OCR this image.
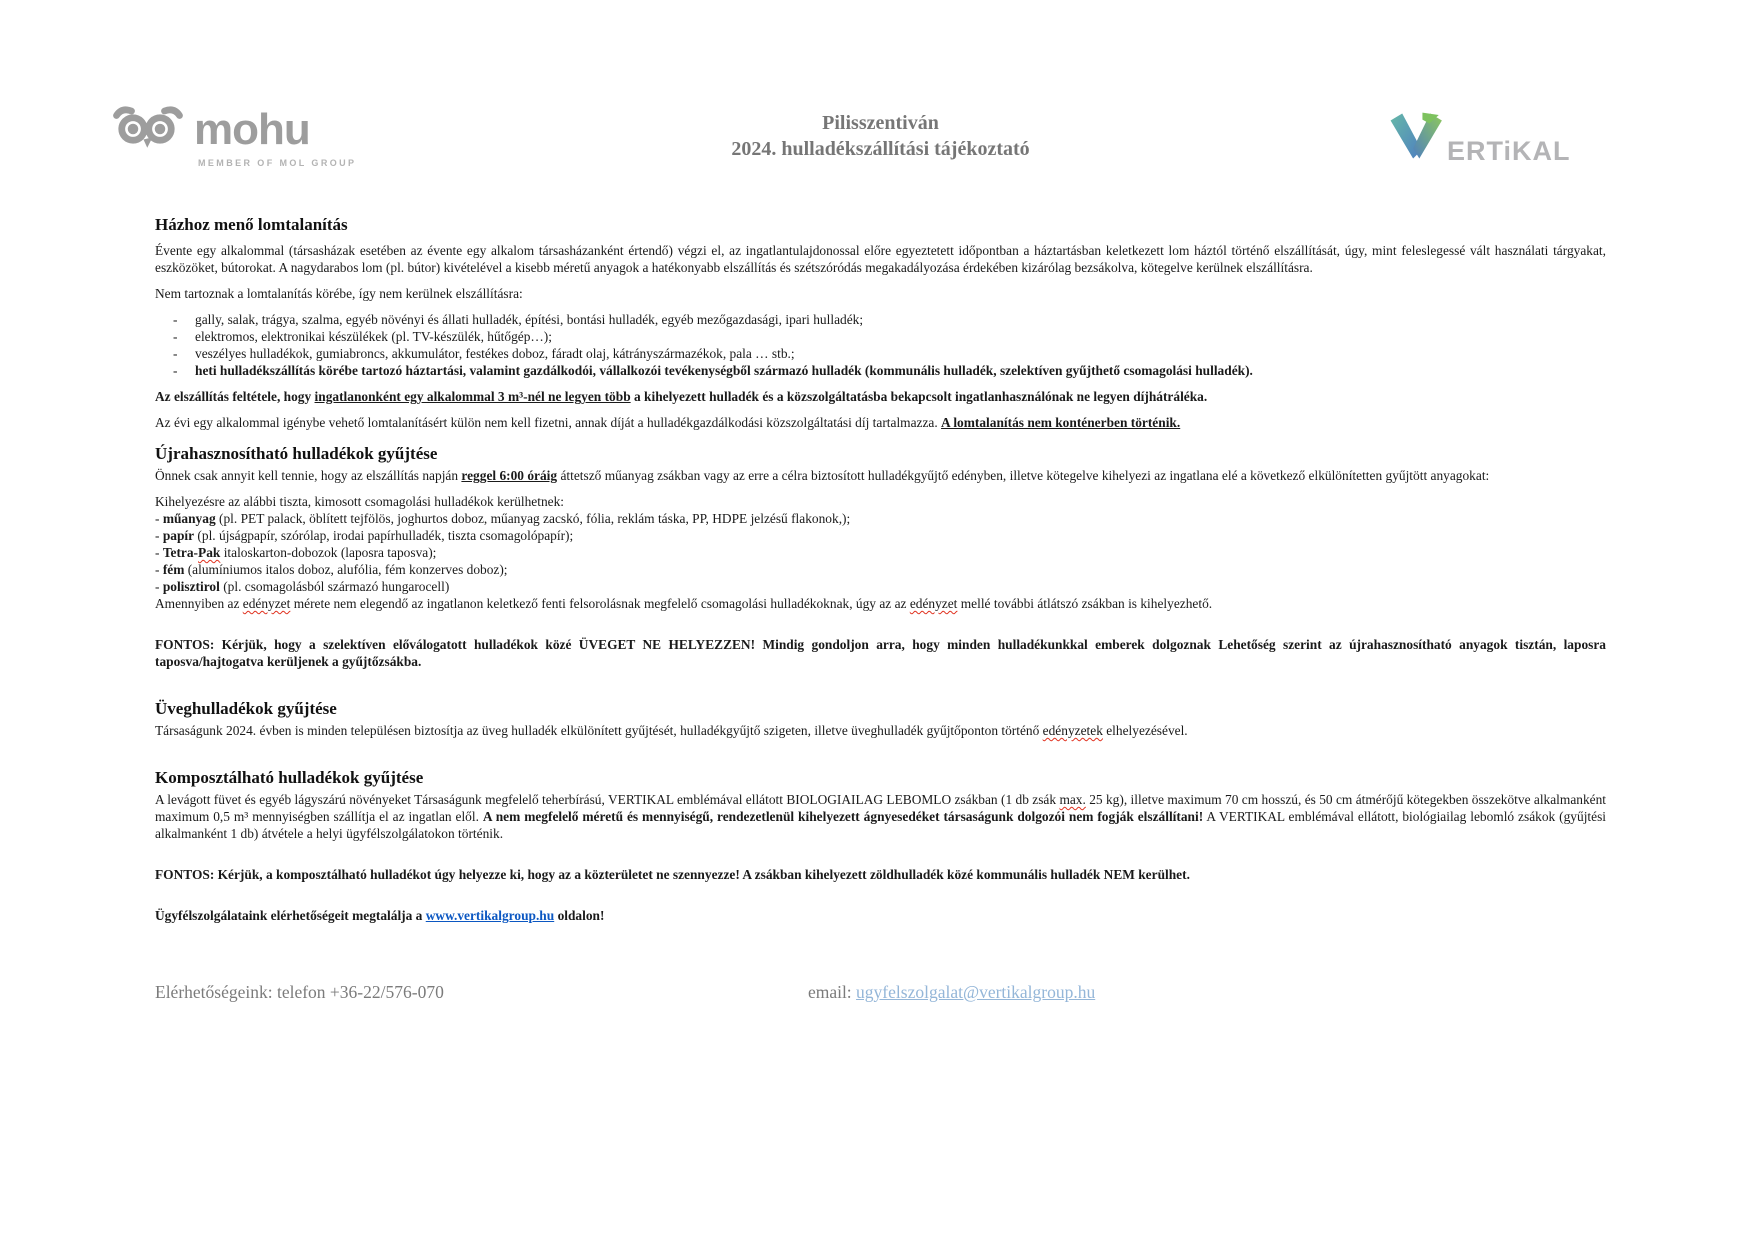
mohu
MEMBER OF MOL GROUP
Pilisszentiván
2024. hulladékszállítási tájékoztató	ERTiKAL
Házhoz menő lomtalanítás

Évente egy alkalommal (társasházak esetében az évente egy alkalom társasházanként értendő) végzi el, az ingatlantulajdonossal előre egyeztetett időpontban a háztartásban keletkezett lom háztól történő elszállítását, úgy, mint feleslegessé vált használati tárgyakat, eszközöket, bútorokat. A nagydarabos lom (pl. bútor) kivételével a kisebb méretű anyagok a hatékonyabb elszállítás és szétszóródás megakadályozása érdekében kizárólag bezsákolva, kötegelve kerülnek elszállításra.

Nem tartoznak a lomtalanítás körébe, így nem kerülnek elszállításra:

-	gally, salak, trágya, szalma, egyéb növényi és állati hulladék, építési, bontási hulladék, egyéb mezőgazdasági, ipari hulladék;
-	elektromos, elektronikai készülékek (pl. TV-készülék, hűtőgép…);
-	veszélyes hulladékok, gumiabroncs, akkumulátor, festékes doboz, fáradt olaj, kátrányszármazékok, pala … stb.;
-	heti hulladékszállítás körébe tartozó háztartási, valamint gazdálkodói, vállalkozói tevékenységből származó hulladék (kommunális hulladék, szelektíven gyűjthető csomagolási hulladék).

Az elszállítás feltétele, hogy ingatlanonként egy alkalommal 3 m³-nél ne legyen több a kihelyezett hulladék és a közszolgáltatásba bekapcsolt ingatlanhasználónak ne legyen díjhátráléka.

Az évi egy alkalommal igénybe vehető lomtalanításért külön nem kell fizetni, annak díját a hulladékgazdálkodási közszolgáltatási díj tartalmazza. A lomtalanítás nem konténerben történik.

Újrahasznosítható hulladékok gyűjtése

Önnek csak annyit kell tennie, hogy az elszállítás napján reggel 6:00 óráig áttetsző műanyag zsákban vagy az erre a célra biztosított hulladékgyűjtő edényben, illetve kötegelve kihelyezi az ingatlana elé a következő elkülönítetten gyűjtött anyagokat:

Kihelyezésre az alábbi tiszta, kimosott csomagolási hulladékok kerülhetnek:
- műanyag (pl. PET palack, öblített tejfölös, joghurtos doboz, műanyag zacskó, fólia, reklám táska, PP, HDPE jelzésű flakonok,);
- papír (pl. újságpapír, szórólap, irodai papírhulladék, tiszta csomagolópapír);
- Tetra-Pak italoskarton-dobozok (laposra taposva);
- fém (alumíniumos italos doboz, alufólia, fém konzerves doboz);
- polisztirol (pl. csomagolásból származó hungarocell)
Amennyiben az edényzet mérete nem elegendő az ingatlanon keletkező fenti felsorolásnak megfelelő csomagolási hulladékoknak, úgy az az edényzet mellé további átlátszó zsákban is kihelyezhető.

FONTOS: Kérjük, hogy a szelektíven előválogatott hulladékok közé ÜVEGET NE HELYEZZEN! Mindig gondoljon arra, hogy minden hulladékunkkal emberek dolgoznak Lehetőség szerint az újrahasznosítható anyagok tisztán, laposra taposva/hajtogatva kerüljenek a gyűjtőzsákba.

Üveghulladékok gyűjtése

Társaságunk 2024. évben is minden településen biztosítja az üveg hulladék elkülönített gyűjtését, hulladékgyűjtő szigeten, illetve üveghulladék gyűjtőponton történő edényzetek elhelyezésével.

Komposztálható hulladékok gyűjtése

A levágott füvet és egyéb lágyszárú növényeket Társaságunk megfelelő teherbírású, VERTIKAL emblémával ellátott BIOLOGIAILAG LEBOMLO zsákban (1 db zsák max. 25 kg), illetve maximum 70 cm hosszú, és 50 cm átmérőjű kötegekben összekötve alkalmanként maximum 0,5 m³ mennyiségben szállítja el az ingatlan elől. A nem megfelelő méretű és mennyiségű, rendezetlenül kihelyezett ágnyesedéket társaságunk dolgozói nem fogják elszállítani! A VERTIKAL emblémával ellátott, biológiailag lebomló zsákok (gyűjtési alkalmanként 1 db) átvétele a helyi ügyfélszolgálatokon történik.

FONTOS: Kérjük, a komposztálható hulladékot úgy helyezze ki, hogy az a közterületet ne szennyezze! A zsákban kihelyezett zöldhulladék közé kommunális hulladék NEM kerülhet.

Ügyfélszolgálataink elérhetőségeit megtalálja a www.vertikalgroup.hu oldalon!

Elérhetőségeink: telefon +36-22/576-070	email: ugyfelszolgalat@vertikalgroup.hu
